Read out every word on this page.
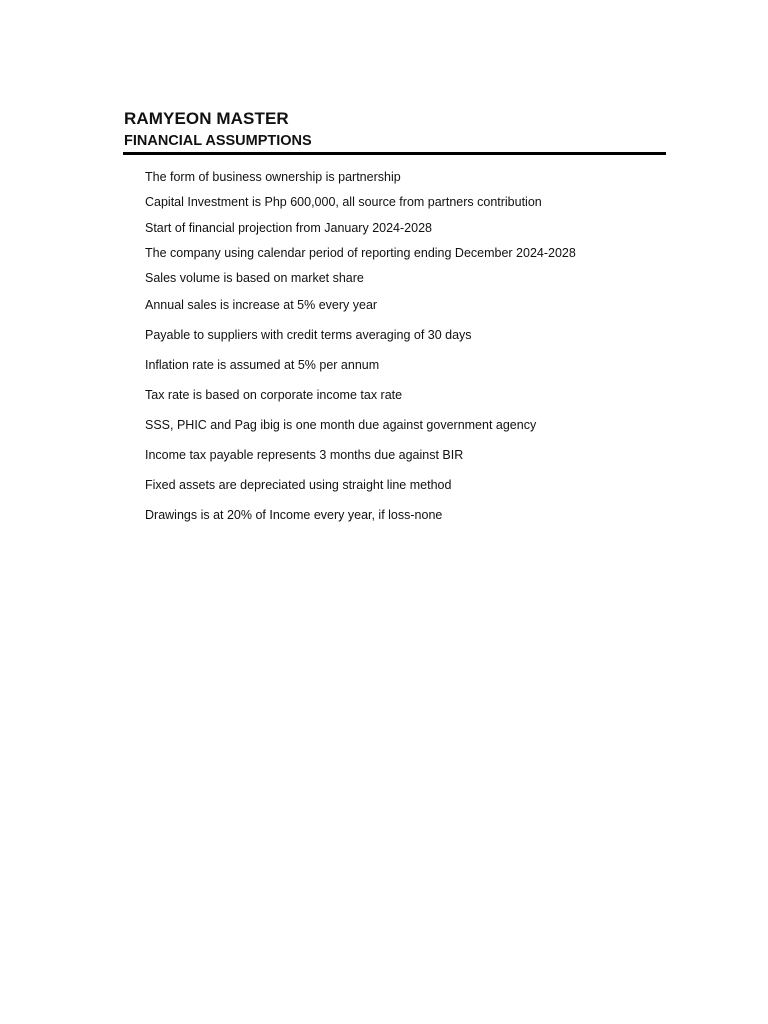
RAMYEON MASTER
FINANCIAL ASSUMPTIONS
The form of business ownership is partnership
Capital Investment is Php 600,000, all source from partners contribution
Start of financial projection from January 2024-2028
The company using calendar period of reporting ending December 2024-2028
Sales volume is based on market share
Annual sales is increase at 5% every year
Payable to suppliers with credit terms averaging of 30 days
Inflation rate is assumed at 5% per annum
Tax rate is based on corporate income tax rate
SSS, PHIC and Pag ibig is one month due against government agency
Income tax payable represents 3 months due against BIR
Fixed assets are depreciated using straight line method
Drawings is at 20% of Income every year, if loss-none
